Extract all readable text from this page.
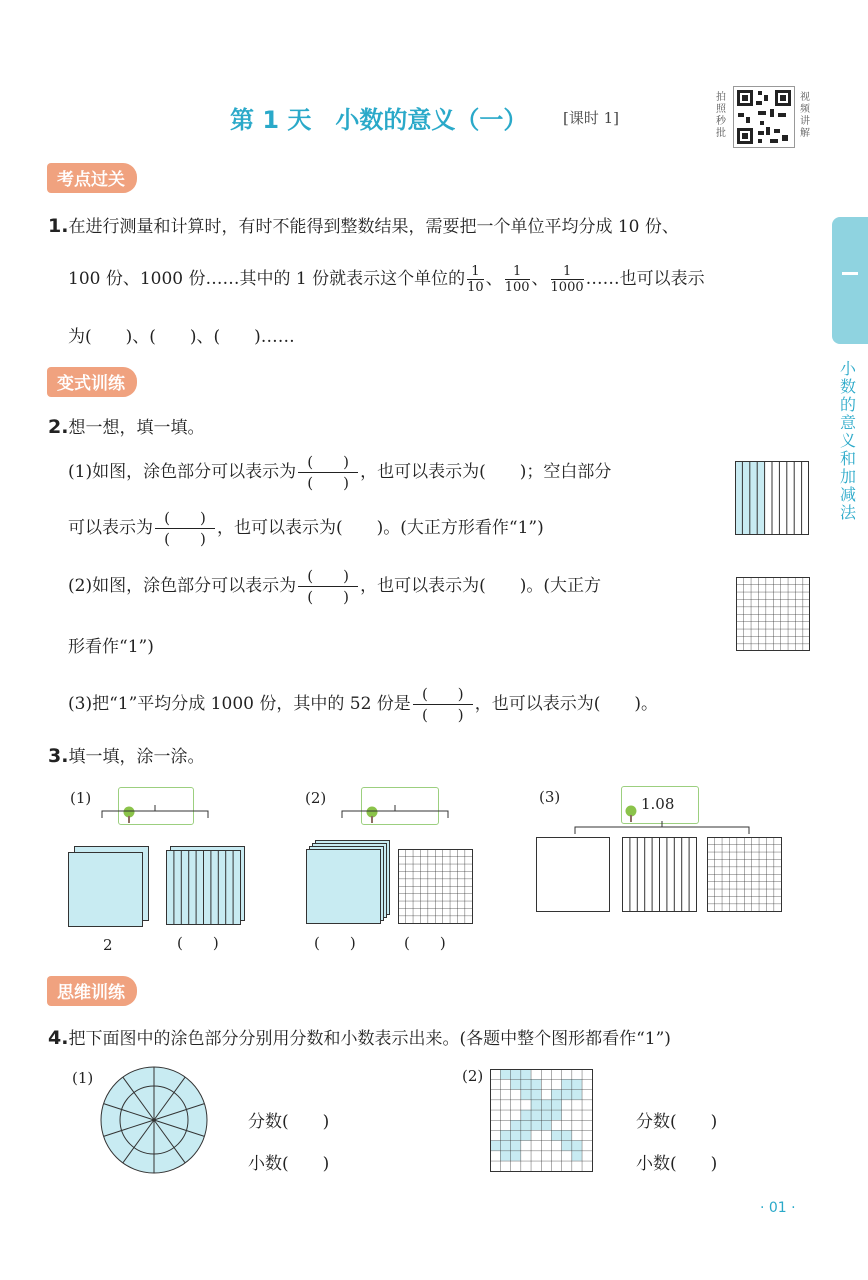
第 1 天　小数的意义（一） [课时 1]
拍照秒批
视频讲解
小数的意义和加减法
考点过关
1.在进行测量和计算时，有时不能得到整数结果，需要把一个单位平均分成 10 份、
100 份、1000 份……其中的 1 份就表示这个单位的 $\frac{1}{10}$ 、 $\frac{1}{100}$ 、 $\frac{1}{1000}$ ……也可以表示
为(　　)、(　　)、(　　)……
变式训练
2.想一想，填一填。
(1)如图，涂色部分可以表示为 (　　)
(　　)，也可以表示为(　　)；空白部分
可以表示为 (　　)
(　　)，也可以表示为(　　)。(大正方形看作“1”)
(2)如图，涂色部分可以表示为 (　　)
(　　)，也可以表示为(　　)。(大正方
形看作“1”)
(3)把“1”平均分成 1000 份，其中的 52 份是 (　　)
(　　)，也可以表示为(　　)。
3.填一填，涂一涂。
(1)
2	(　　)
(2)
(　　)	(　　)
(3)	1.08
思维训练
4.把下面图中的涂色部分分别用分数和小数表示出来。(各题中整个图形都看作“1”)
(1)
分数(　　)
小数(　　)
(2)
分数(　　)
小数(　　)
· 01 ·
